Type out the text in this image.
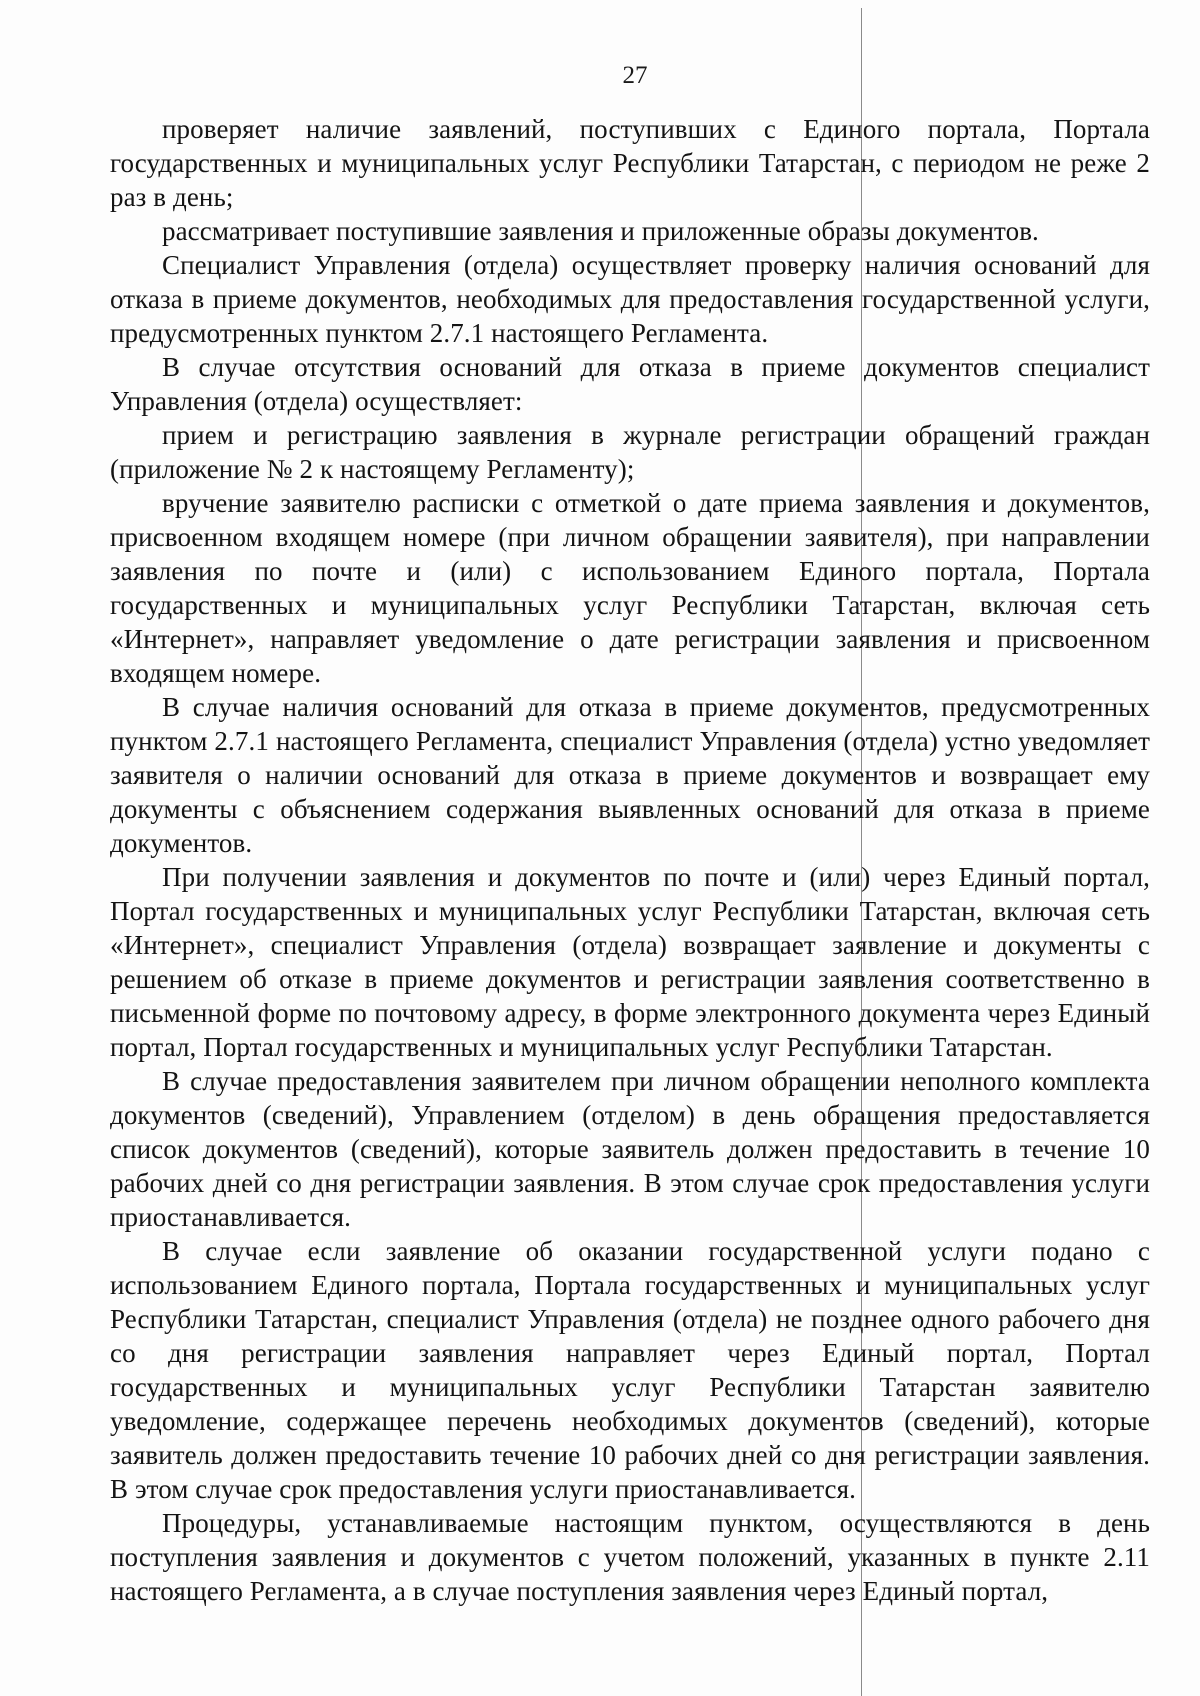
27

проверяет наличие заявлений, поступивших с Единого портала, Портала государственных и муниципальных услуг Республики Татарстан, с периодом не реже 2 раз в день;

рассматривает поступившие заявления и приложенные образы документов.

Специалист Управления (отдела) осуществляет проверку наличия оснований для отказа в приеме документов, необходимых для предоставления государственной услуги, предусмотренных пунктом 2.7.1 настоящего Регламента.

В случае отсутствия оснований для отказа в приеме документов специалист Управления (отдела) осуществляет:

прием и регистрацию заявления в журнале регистрации обращений граждан (приложение № 2 к настоящему Регламенту);

вручение заявителю расписки с отметкой о дате приема заявления и документов, присвоенном входящем номере (при личном обращении заявителя), при направлении заявления по почте и (или) с использованием Единого портала, Портала государственных и муниципальных услуг Республики Татарстан, включая сеть «Интернет», направляет уведомление о дате регистрации заявления и присвоенном входящем номере.

В случае наличия оснований для отказа в приеме документов, предусмотренных пунктом 2.7.1 настоящего Регламента, специалист Управления (отдела) устно уведомляет заявителя о наличии оснований для отказа в приеме документов и возвращает ему документы с объяснением содержания выявленных оснований для отказа в приеме документов.

При получении заявления и документов по почте и (или) через Единый портал, Портал государственных и муниципальных услуг Республики Татарстан, включая сеть «Интернет», специалист Управления (отдела) возвращает заявление и документы с решением об отказе в приеме документов и регистрации заявления соответственно в письменной форме по почтовому адресу, в форме электронного документа через Единый портал, Портал государственных и муниципальных услуг Республики Татарстан.

В случае предоставления заявителем при личном обращении неполного комплекта документов (сведений), Управлением (отделом) в день обращения предоставляется список документов (сведений), которые заявитель должен предоставить в течение 10 рабочих дней со дня регистрации заявления. В этом случае срок предоставления услуги приостанавливается.

В случае если заявление об оказании государственной услуги подано с использованием Единого портала, Портала государственных и муниципальных услуг Республики Татарстан, специалист Управления (отдела) не позднее одного рабочего дня со дня регистрации заявления направляет через Единый портал, Портал государственных и муниципальных услуг Республики Татарстан заявителю уведомление, содержащее перечень необходимых документов (сведений), которые заявитель должен предоставить течение 10 рабочих дней со дня регистрации заявления. В этом случае срок предоставления услуги приостанавливается.

Процедуры, устанавливаемые настоящим пунктом, осуществляются в день поступления заявления и документов с учетом положений, указанных в пункте 2.11 настоящего Регламента, а в случае поступления заявления через Единый портал,
